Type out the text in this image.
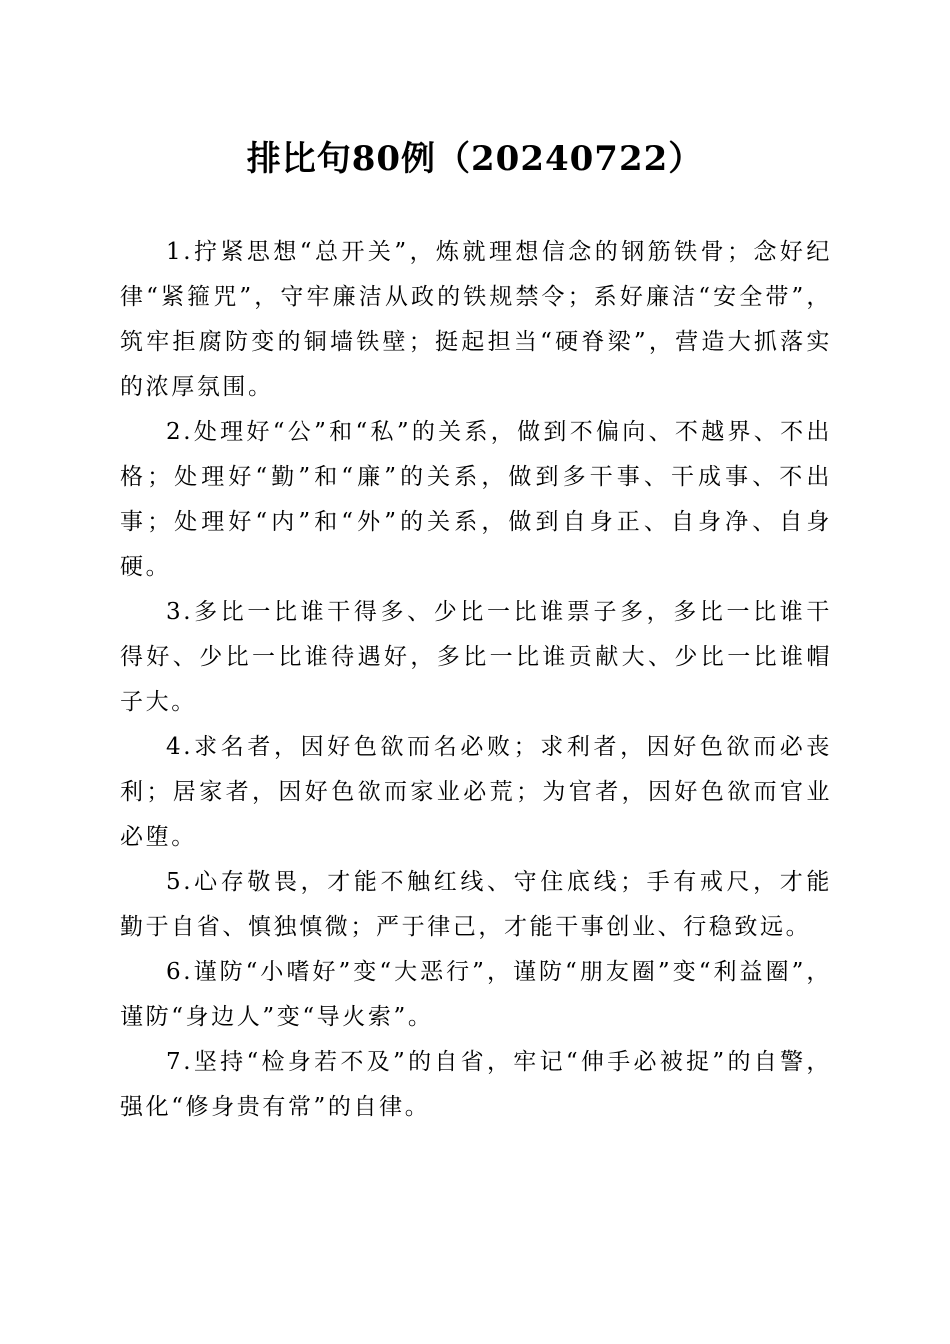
排比句80例（20240722）

1.拧紧思想“总开关”，炼就理想信念的钢筋铁骨；念好纪律“紧箍咒”，守牢廉洁从政的铁规禁令；系好廉洁“安全带”，筑牢拒腐防变的铜墙铁壁；挺起担当“硬脊梁”，营造大抓落实的浓厚氛围。

2.处理好“公”和“私”的关系，做到不偏向、不越界、不出格；处理好“勤”和“廉”的关系，做到多干事、干成事、不出事；处理好“内”和“外”的关系，做到自身正、自身净、自身硬。

3.多比一比谁干得多、少比一比谁票子多，多比一比谁干得好、少比一比谁待遇好，多比一比谁贡献大、少比一比谁帽子大。

4.求名者，因好色欲而名必败；求利者，因好色欲而必丧利；居家者，因好色欲而家业必荒；为官者，因好色欲而官业必堕。

5.心存敬畏，才能不触红线、守住底线；手有戒尺，才能勤于自省、慎独慎微；严于律己，才能干事创业、行稳致远。

6.谨防“小嗜好”变“大恶行”，谨防“朋友圈”变“利益圈”，谨防“身边人”变“导火索”。

7.坚持“检身若不及”的自省，牢记“伸手必被捉”的自警，强化“修身贵有常”的自律。
